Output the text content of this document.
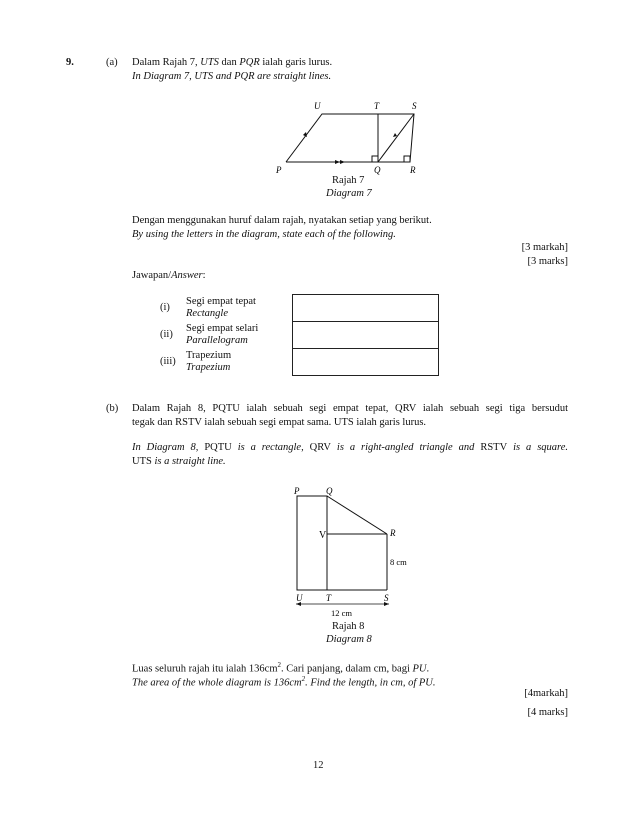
9.	(a) Dalam Rajah 7, UTS dan PQR ialah garis lurus.
In Diagram 7, UTS and PQR are straight lines.
P	Q	R
U	T	S
Rajah 7
Diagram 7
Dengan menggunakan huruf dalam rajah, nyatakan setiap yang berikut.
By using the letters in the diagram, state each of the following.
[3 markah]
[3 marks]
Jawapan/Answer:
(i)
Segi empat tepat
Rectangle
(ii)
Segi empat selari
Parallelogram
(iii)
Trapezium
Trapezium
(b) Dalam Rajah 8, PQTU ialah sebuah segi empat tepat, QRV ialah sebuah segi tiga bersudut
tegak dan RSTV ialah sebuah segi empat sama. UTS ialah garis lurus.
In Diagram 8, PQTU is a rectangle, QRV is a right-angled triangle and RSTV is a square.
UTS is a straight line.
P	Q
R
V
U	T	S
8 cm
12 cm
Rajah 8
Diagram 8
Luas seluruh rajah itu ialah $136cm^2$. Cari panjang, dalam cm, bagi PU.
The area of the whole diagram is $136cm^2$. Find the length, in cm, of PU.
[4markah]
[4 marks]
12
